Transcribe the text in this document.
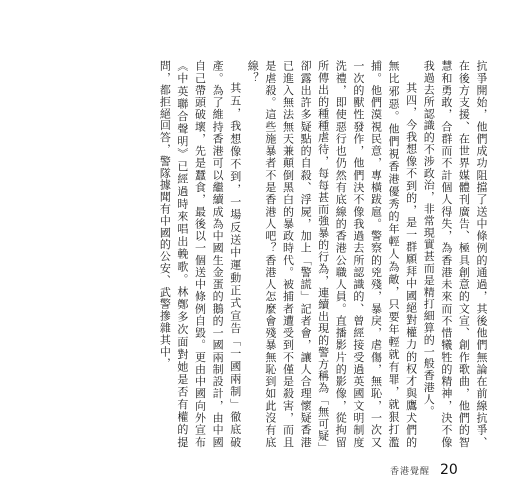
抗爭開始，他們成功阻擋了送中條例的通過，其後他們無論在前線抗爭、在後方支援、在世界媒體刊廣告、極具創意的文宣、創作歌曲，他們的智慧和勇敢，合群而不計個人得失，為香港未來而不惜犧牲的精神，決不像我過去所認識的不涉政治，非常現實甚而是精打細算的一般香港人。

其四，今我想像不到的，是一群願拜中國絕對權力的权才與鷹犬們的無比邪惡。他們視香港優秀的年輕人為敵，只要年輕就有罪，就狠打濫捕。他們漠視民意，專橫跋扈。警察的兇殘，暴戾，虐傷，無恥，一次又一次的獸性發作，他們決不像我過去所認識的、曾經接受過英國文明制度洗禮，即使惡行也仍然有底線的香港公職人員。直播影片的影像，從拘留所傳出的種種虐待，每每甚而強暴的行為，連續出現的警方稱為「無可疑」卻露出許多疑點的自殺、浮屍，加上「警謊」記者會，讓人合理懷疑香港已進入無法無天兼顛倒黑白的暴政時代。被捕者遭受到不僅是殺害，而且是虐殺。這些施暴者不是香港人吧？香港人怎麼會殘暴無恥到如此沒有底線？

其五，我想像不到，一場反送中運動正式宣告「一國兩制」徹底破產。為了維持香港可以繼續成為中國生金蛋的鵝的一國兩制設計，由中國自己帶頭破壞，先是蠶食，最後以一個送中條例自毀。更由中國向外宣布《中英聯合聲明》已經過時來唱出輓歌。林鄭多次面對她是否有權的提問，都拒絕回答，警隊據聞有中國的公安、武警摻雜其中，

香港覺醒 20
